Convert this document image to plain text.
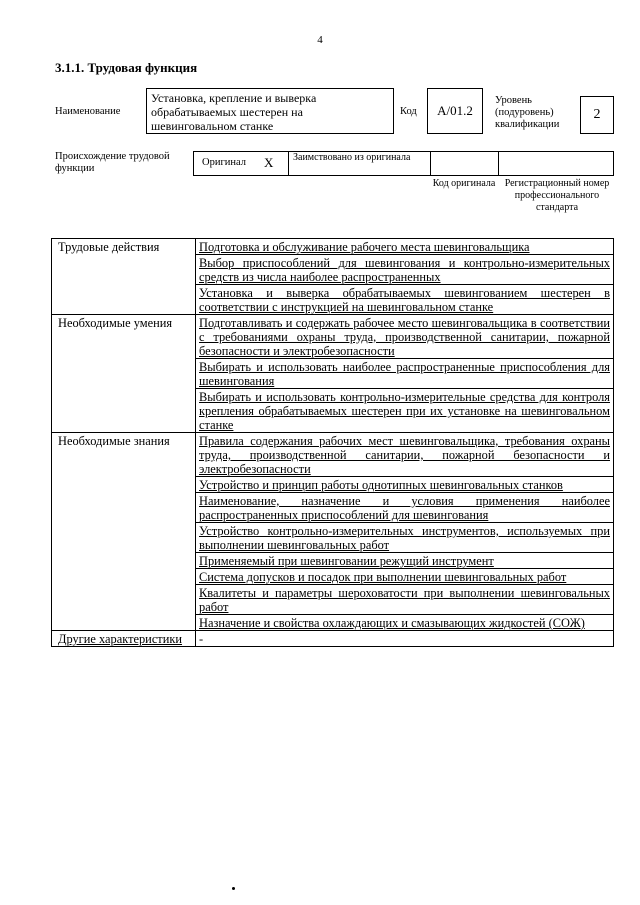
4
3.1.1. Трудовая функция
Наименование
Установка, крепление и выверка обрабатываемых шестерен на шевинговальном станке
Код	A/01.2
Уровень (подуровень) квалификации
2
Происхождение трудовой функции
Оригинал X Заимствовано из оригинала
Код оригинала Регистрационный номер профессионального стандарта
Трудовые действия	Подготовка и обслуживание рабочего места шевинговальщика
	Выбор приспособлений для шевингования и контрольно-измерительных средств из числа наиболее распространенных
	Установка и выверка обрабатываемых шевингованием шестерен в соответствии с инструкцией на шевинговальном станке
Необходимые умения	Подготавливать и содержать рабочее место шевинговальщика в соответствии с требованиями охраны труда, производственной санитарии, пожарной безопасности и электробезопасности
	Выбирать и использовать наиболее распространенные приспособления для шевингования
	Выбирать и использовать контрольно-измерительные средства для контроля крепления обрабатываемых шестерен при их установке на шевинговальном станке
Необходимые знания	Правила содержания рабочих мест шевинговальщика, требования охраны труда, производственной санитарии, пожарной безопасности и электробезопасности
	Устройство и принцип работы однотипных шевинговальных станков
	Наименование, назначение и условия применения наиболее распространенных приспособлений для шевингования
	Устройство контрольно-измерительных инструментов, используемых при выполнении шевинговальных работ
	Применяемый при шевинговании режущий инструмент
	Система допусков и посадок при выполнении шевинговальных работ
	Квалитеты и параметры шероховатости при выполнении шевинговальных работ
	Назначение и свойства охлаждающих и смазывающих жидкостей (СОЖ)
Другие характеристики	-
